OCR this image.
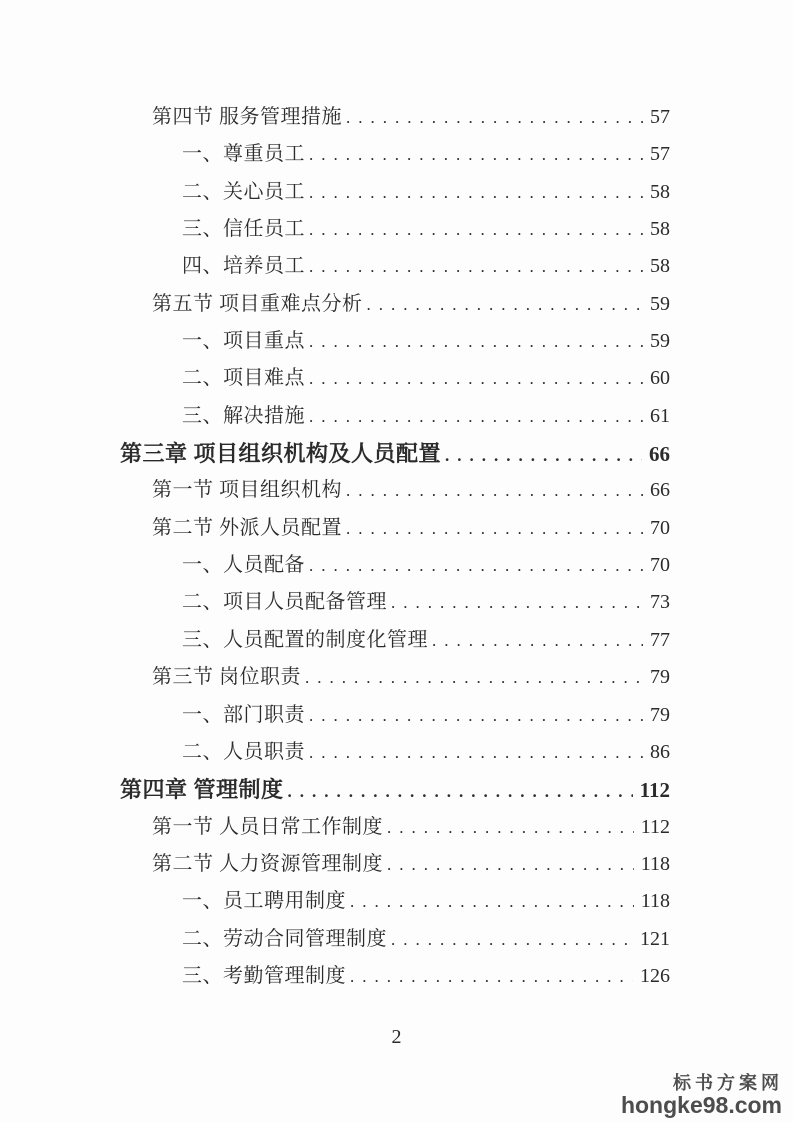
第四节 服务管理措施 .....	57
一、尊重员工 .....	57
二、关心员工 .....	58
三、信任员工 .....	58
四、培养员工 .....	58
第五节 项目重难点分析 .....	59
一、项目重点 .....	59
二、项目难点 .....	60
三、解决措施 .....	61
第三章 项目组织机构及人员配置 .....	66
第一节 项目组织机构 .....	66
第二节 外派人员配置 .....	70
一、人员配备 .....	70
二、项目人员配备管理 .....	73
三、人员配置的制度化管理 .....	77
第三节 岗位职责 .....	79
一、部门职责 .....	79
二、人员职责 .....	86
第四章 管理制度 .....	112
第一节 人员日常工作制度 .....	112
第二节 人力资源管理制度 .....	118
一、员工聘用制度 .....	118
二、劳动合同管理制度 .....	121
三、考勤管理制度 .....	126
2
标书方案网
hongke98.com
